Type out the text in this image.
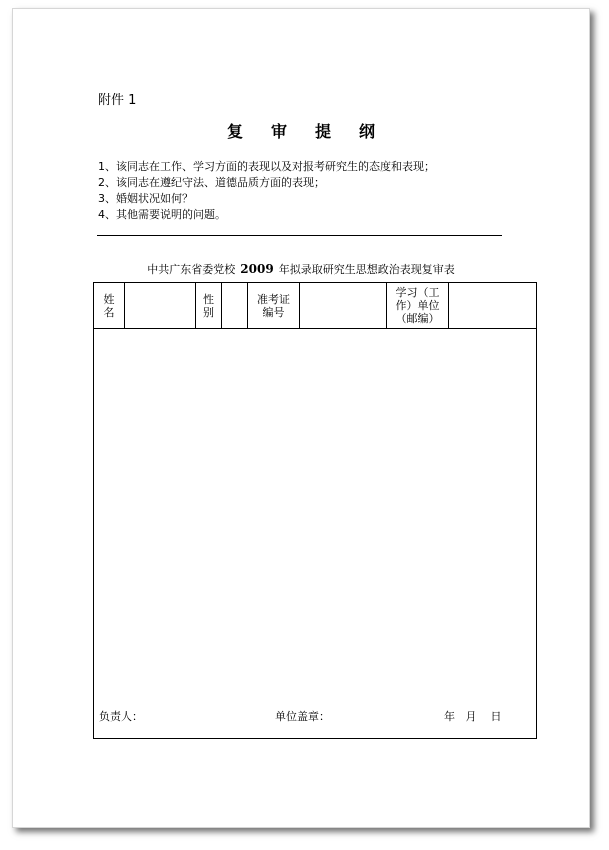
附件 1
复审提纲
1、该同志在工作、学习方面的表现以及对报考研究生的态度和表现；
2、该同志在遵纪守法、道德品质方面的表现；
3、婚姻状况如何？
4、其他需要说明的问题。
中共广东省委党校 2009 年拟录取研究生思想政治表现复审表
姓
名
性
别
准考证
编号
学习（工
作）单位
（邮编）
负责人：	单位盖章：	年   月    日
